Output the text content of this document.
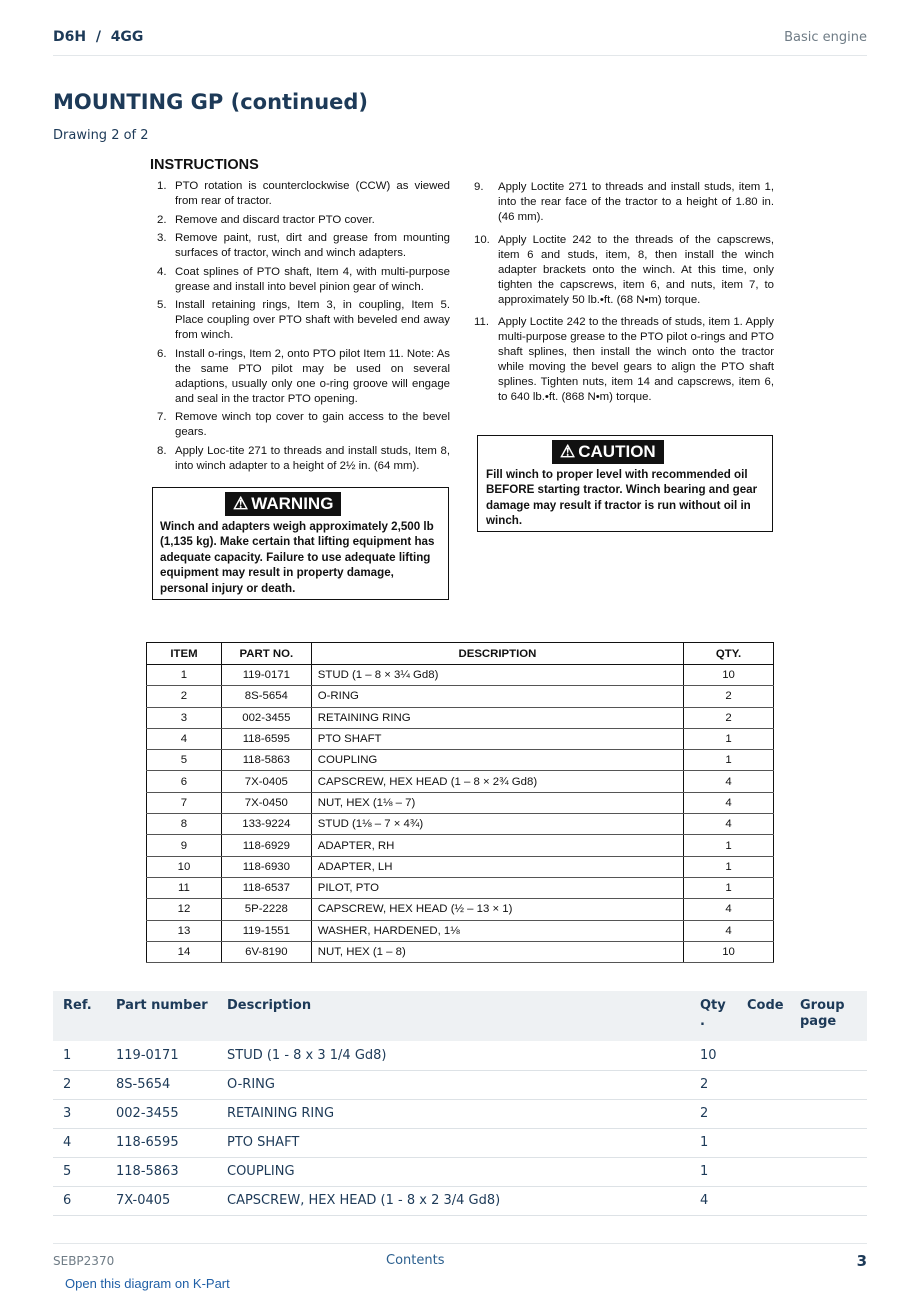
D6H  /  4GG	Basic engine
MOUNTING GP (continued)
Drawing 2 of 2
INSTRUCTIONS
1. PTO rotation is counterclockwise (CCW) as viewed from rear of tractor.
2. Remove and discard tractor PTO cover.
3. Remove paint, rust, dirt and grease from mounting surfaces of tractor, winch and winch adapters.
4. Coat splines of PTO shaft, Item 4, with multi-purpose grease and install into bevel pinion gear of winch.
5. Install retaining rings, Item 3, in coupling, Item 5. Place coupling over PTO shaft with beveled end away from winch.
6. Install o-rings, Item 2, onto PTO pilot Item 11. Note: As the same PTO pilot may be used on several adaptions, usually only one o-ring groove will engage and seal in the tractor PTO opening.
7. Remove winch top cover to gain access to the bevel gears.
8. Apply Loc-tite 271 to threads and install studs, Item 8, into winch adapter to a height of 2½ in. (64 mm).
9. Apply Loctite 271 to threads and install studs, item 1, into the rear face of the tractor to a height of 1.80 in. (46 mm).
10. Apply Loctite 242 to the threads of the capscrews, item 6 and studs, item, 8, then install the winch adapter brackets onto the winch. At this time, only tighten the capscrews, item 6, and nuts, item 7, to approximately 50 lb.•ft. (68 N•m) torque.
11. Apply Loctite 242 to the threads of studs, item 1. Apply multi-purpose grease to the PTO pilot o-rings and PTO shaft splines, then install the winch onto the tractor while moving the bevel gears to align the PTO shaft splines. Tighten nuts, item 14 and capscrews, item 6, to 640 lb.•ft. (868 N•m) torque.
⚠ WARNING
Winch and adapters weigh approximately 2,500 lb (1,135 kg). Make certain that lifting equipment has adequate capacity. Failure to use adequate lifting equipment may result in property damage, personal injury or death.
⚠ CAUTION
Fill winch to proper level with recommended oil BEFORE starting tractor. Winch bearing and gear damage may result if tractor is run without oil in winch.
ITEM	PART NO.	DESCRIPTION	QTY.
1	119-0171	STUD (1 – 8 × 3¼ Gd8)	10
2	8S-5654	O-RING	2
3	002-3455	RETAINING RING	2
4	118-6595	PTO SHAFT	1
5	118-5863	COUPLING	1
6	7X-0405	CAPSCREW, HEX HEAD (1 – 8 × 2¾ Gd8)	4
7	7X-0450	NUT, HEX (1⅛ – 7)	4
8	133-9224	STUD (1⅛ – 7 × 4¾)	4
9	118-6929	ADAPTER, RH	1
10	118-6930	ADAPTER, LH	1
11	118-6537	PILOT, PTO	1
12	5P-2228	CAPSCREW, HEX HEAD (½ – 13 × 1)	4
13	119-1551	WASHER, HARDENED, 1⅛	4
14	6V-8190	NUT, HEX (1 – 8)	10
Ref.	Part number	Description	Qty .	Code	Group page
1	119-0171	STUD (1 - 8 x 3 1/4 Gd8)	10		
2	8S-5654	O-RING	2		
3	002-3455	RETAINING RING	2		
4	118-6595	PTO SHAFT	1		
5	118-5863	COUPLING	1		
6	7X-0405	CAPSCREW, HEX HEAD (1 - 8 x 2 3/4 Gd8)	4		
SEBP2370	Contents	3
Open this diagram on K-Part
